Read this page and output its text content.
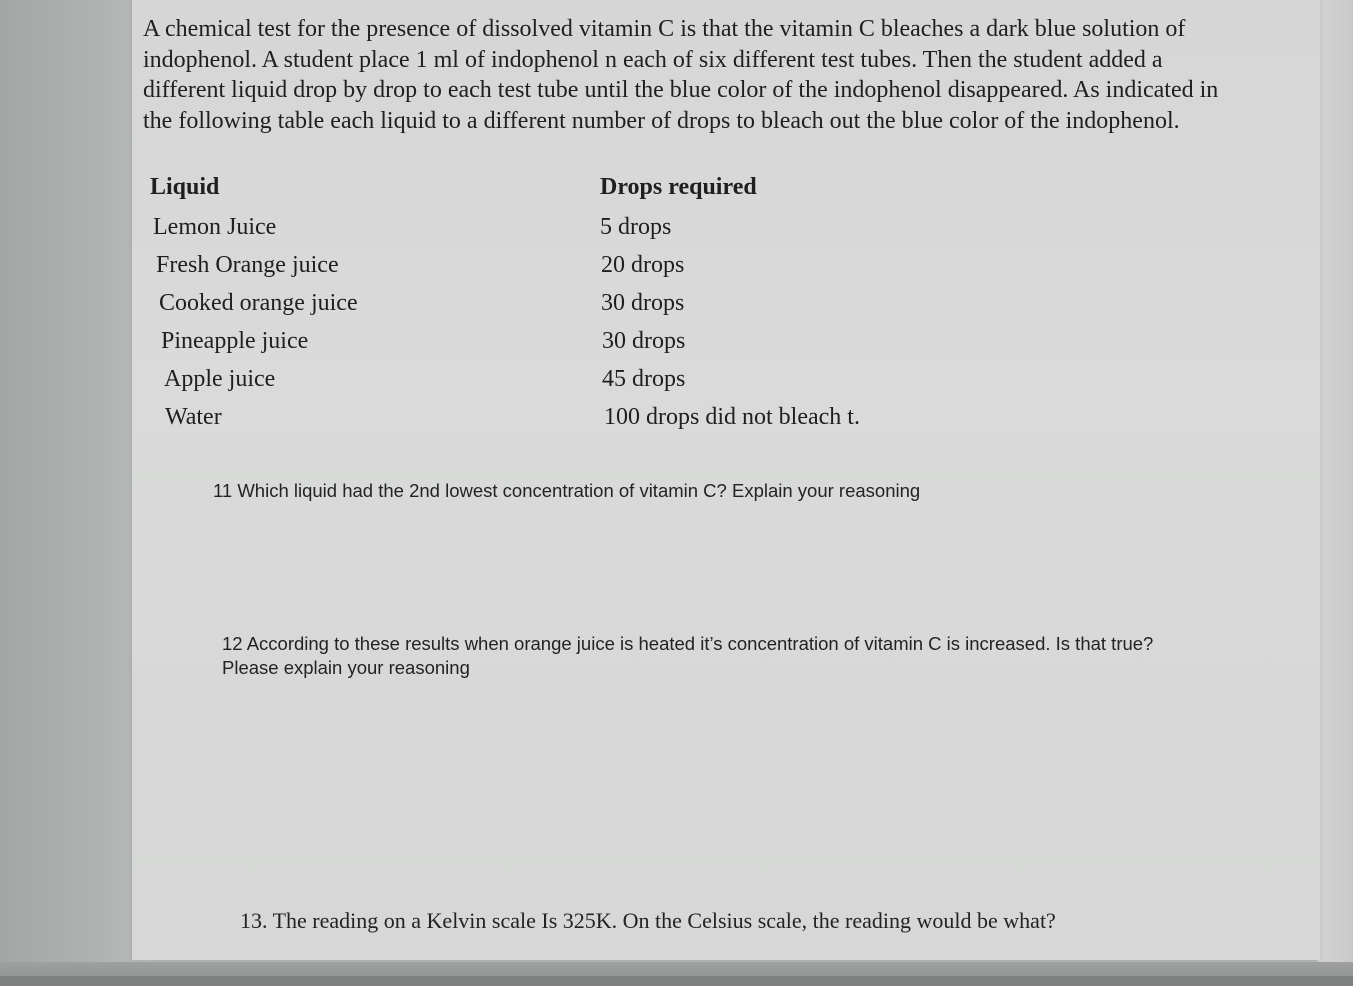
A chemical test for the presence of dissolved vitamin C is that the vitamin C bleaches a dark blue solution of indophenol. A student place 1 ml of indophenol n each of six different test tubes. Then the student added a different liquid drop by drop to each test tube until the blue color of the indophenol disappeared. As indicated in the following table each liquid to a different number of drops to bleach out the blue color of the indophenol.

Liquid	Drops required
Lemon Juice	5 drops
Fresh Orange juice	20 drops
Cooked orange juice	30 drops
Pineapple juice	30 drops
Apple juice	45 drops
Water	100 drops did not bleach t.

11 Which liquid had the 2nd lowest concentration of vitamin C? Explain your reasoning

12 According to these results when orange juice is heated it’s concentration of vitamin C is increased. Is that true? Please explain your reasoning

13. The reading on a Kelvin scale Is 325K. On the Celsius scale, the reading would be what?
